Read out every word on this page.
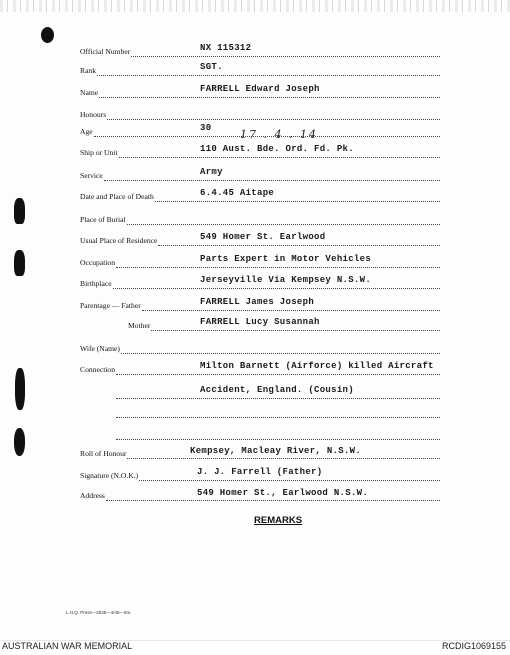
Official Number	NX 115312
Rank	SGT.
Name	FARRELL Edward Joseph
Honours
Age	30
Ship or Unit	110 Aust. Bde. Ord. Fd. Pk.
Service	Army
Date and Place of Death	6.4.45 Aitape
Place of Burial
Usual Place of Residence	549 Homer St. Earlwood
Occupation	Parts Expert in Motor Vehicles
Birthplace	Jerseyville Via Kempsey N.S.W.
Parentage — Father	FARRELL James Joseph
Mother	FARRELL Lucy Susannah
Wife (Name)
Connection	Milton Barnett (Airforce) killed Aircraft
Accident, England. (Cousin)
Roll of Honour	Kempsey, Macleay River, N.S.W.
Signature (N.O.K.)	J. J. Farrell (Father)
Address	549 Homer St., Earlwood N.S.W.
17 . 4 . 14
REMARKS
L.H.Q. Press—2535—4/45—5m.
AUSTRALIAN WAR MEMORIAL	RCDIG1069155
